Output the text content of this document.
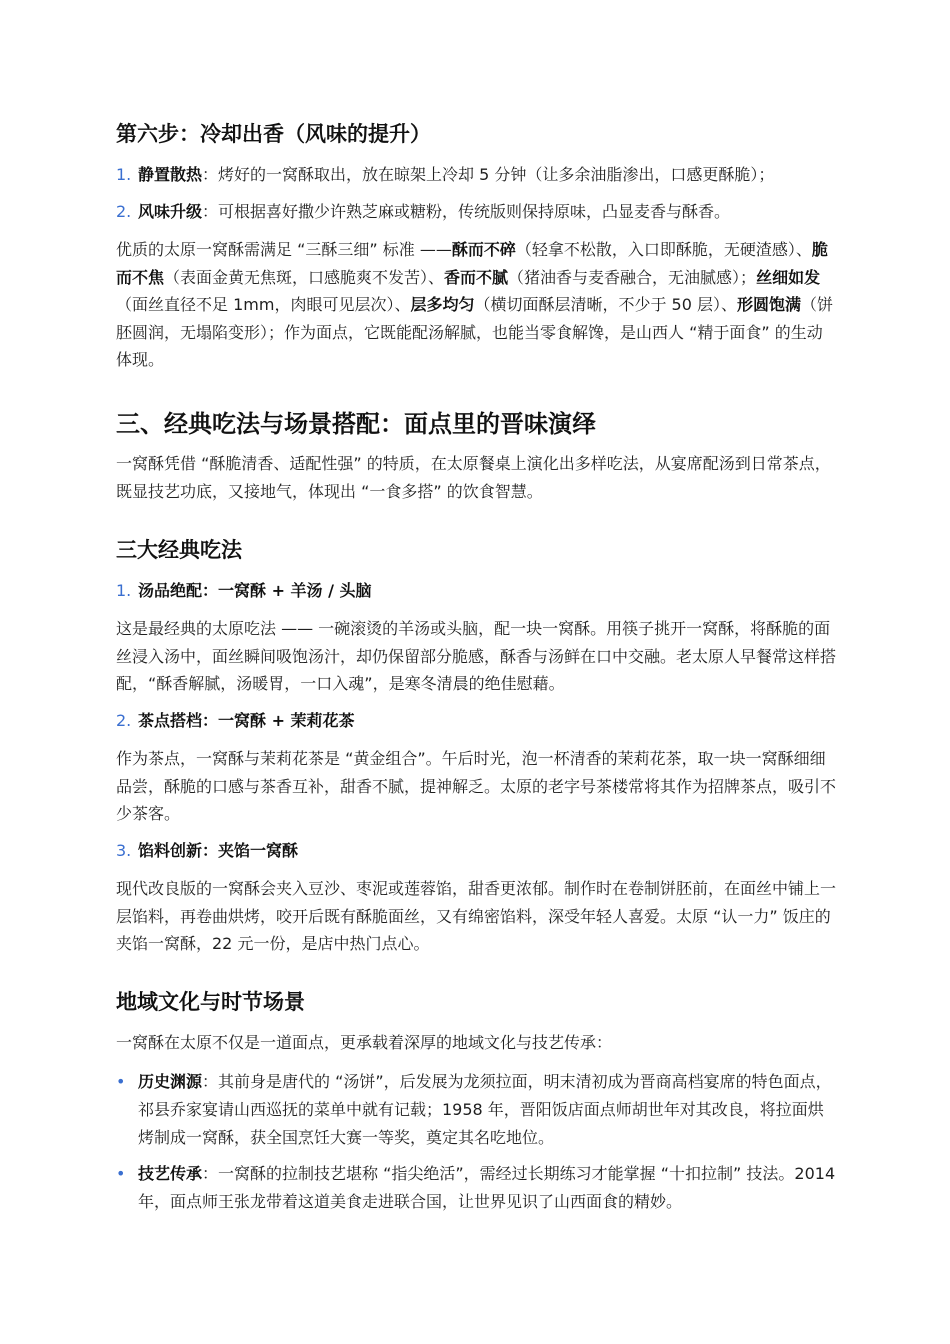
第六步：冷却出香（风味的提升）
1. 静置散热：烤好的一窝酥取出，放在晾架上冷却 5 分钟（让多余油脂渗出，口感更酥脆）；
2. 风味升级：可根据喜好撒少许熟芝麻或糖粉，传统版则保持原味，凸显麦香与酥香。

优质的太原一窝酥需满足 “三酥三细” 标准 ——酥而不碎（轻拿不松散，入口即酥脆，无硬渣感）、脆而不焦（表面金黄无焦斑，口感脆爽不发苦）、香而不腻（猪油香与麦香融合，无油腻感）；丝细如发（面丝直径不足 1mm，肉眼可见层次）、层多均匀（横切面酥层清晰，不少于 50 层）、形圆饱满（饼胚圆润，无塌陷变形）；作为面点，它既能配汤解腻，也能当零食解馋，是山西人 “精于面食” 的生动体现。

三、经典吃法与场景搭配：面点里的晋味演绎

一窝酥凭借 “酥脆清香、适配性强” 的特质，在太原餐桌上演化出多样吃法，从宴席配汤到日常茶点，既显技艺功底，又接地气，体现出 “一食多搭” 的饮食智慧。

三大经典吃法
1. 汤品绝配：一窝酥 + 羊汤 / 头脑

这是最经典的太原吃法 —— 一碗滚烫的羊汤或头脑，配一块一窝酥。用筷子挑开一窝酥，将酥脆的面丝浸入汤中，面丝瞬间吸饱汤汁，却仍保留部分脆感，酥香与汤鲜在口中交融。老太原人早餐常这样搭配，“酥香解腻，汤暖胃，一口入魂”，是寒冬清晨的绝佳慰藉。

2. 茶点搭档：一窝酥 + 茉莉花茶

作为茶点，一窝酥与茉莉花茶是 “黄金组合”。午后时光，泡一杯清香的茉莉花茶，取一块一窝酥细细品尝，酥脆的口感与茶香互补，甜香不腻，提神解乏。太原的老字号茶楼常将其作为招牌茶点，吸引不少茶客。

3. 馅料创新：夹馅一窝酥

现代改良版的一窝酥会夹入豆沙、枣泥或莲蓉馅，甜香更浓郁。制作时在卷制饼胚前，在面丝中铺上一层馅料，再卷曲烘烤，咬开后既有酥脆面丝，又有绵密馅料，深受年轻人喜爱。太原 “认一力” 饭庄的夹馅一窝酥，22 元一份，是店中热门点心。

地域文化与时节场景

一窝酥在太原不仅是一道面点，更承载着深厚的地域文化与技艺传承：

• 历史渊源：其前身是唐代的 “汤饼”，后发展为龙须拉面，明末清初成为晋商高档宴席的特色面点，祁县乔家宴请山西巡抚的菜单中就有记载；1958 年，晋阳饭店面点师胡世年对其改良，将拉面烘烤制成一窝酥，获全国烹饪大赛一等奖，奠定其名吃地位。

• 技艺传承：一窝酥的拉制技艺堪称 “指尖绝活”，需经过长期练习才能掌握 “十扣拉制” 技法。2014 年，面点师王张龙带着这道美食走进联合国，让世界见识了山西面食的精妙。
